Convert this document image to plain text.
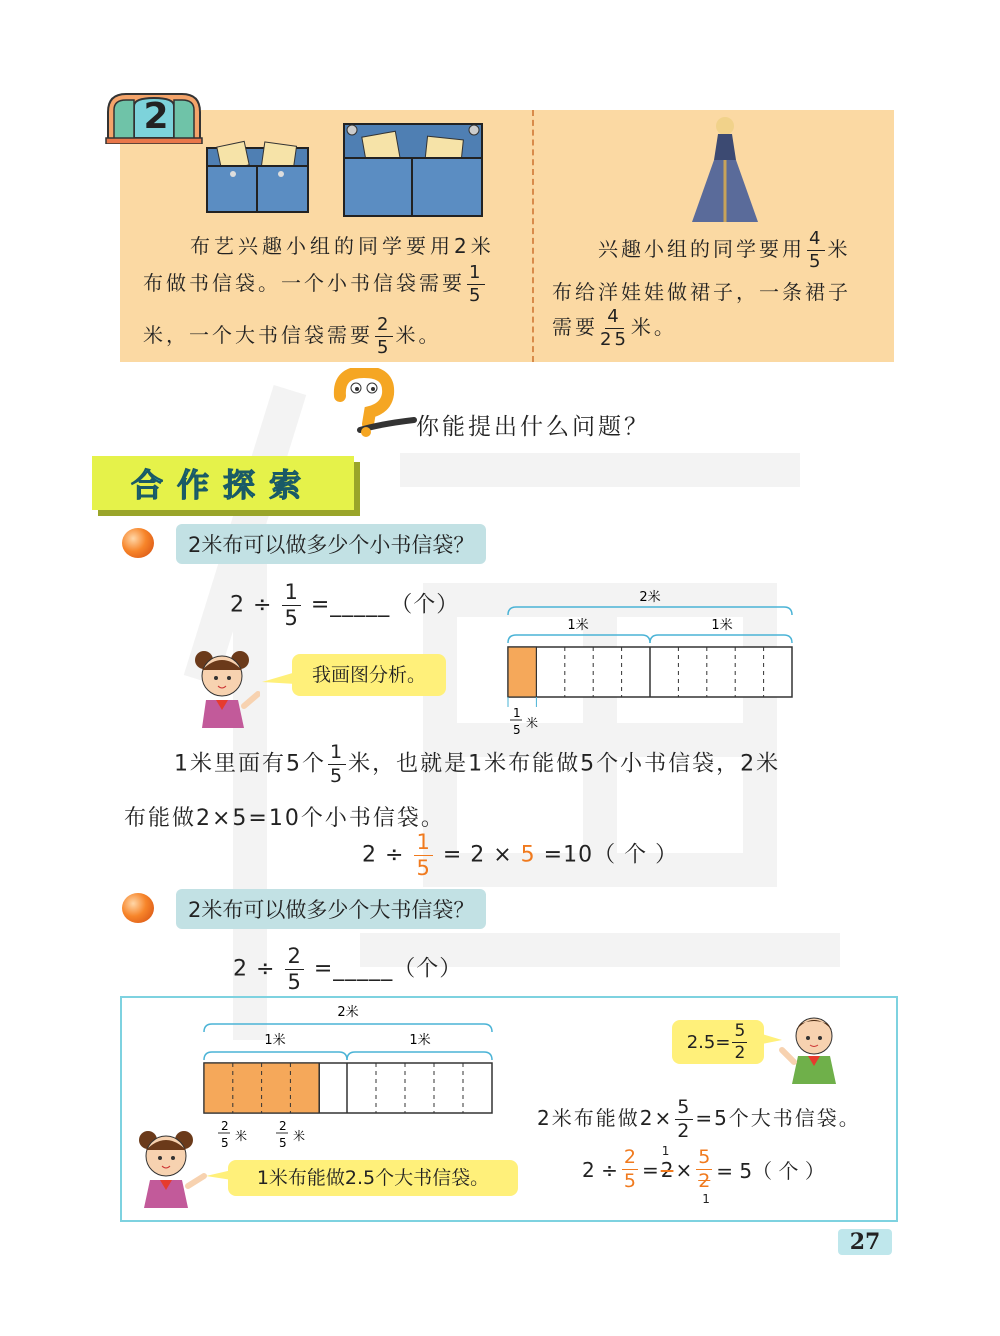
2
布艺兴趣小组的同学要用2米
布做书信袋。一个小书信袋需要 $\frac{1}{5}$
米，一个大书信袋需要 $\frac{2}{5}$ 米。
兴趣小组的同学要用 $\frac{4}{5}$ 米
布给洋娃娃做裙子，一条裙子
需要 $\frac{4}{25}$ 米。
你能提出什么问题？
合作探索
2米布可以做多少个小书信袋？
$2 \div \frac{1}{5}$ =_____（个）
我画图分析。
2米
1米	1米
1
5 米
1米里面有5个 $\frac{1}{5}$ 米，也就是1米布能做5个小书信袋，2米
布能做2×5=10个小书信袋。
$2 \div \frac{1}{5} = 2 \times 5 =10$（ 个 ）
2米布可以做多少个大书信袋？
$2 \div \frac{2}{5}$ =_____（个）
2米
1米	1米
2
5 米
2
5 米
1米布能做2.5个大书信袋。
$2.5= \frac{5}{2}$
2米布能做$2\times \frac{5}{2} =5$个大书信袋。
$2 \div \frac{2}{5} = 2$
1
× $\frac{5}{2}$
1
= 5（ 个 ）
27
